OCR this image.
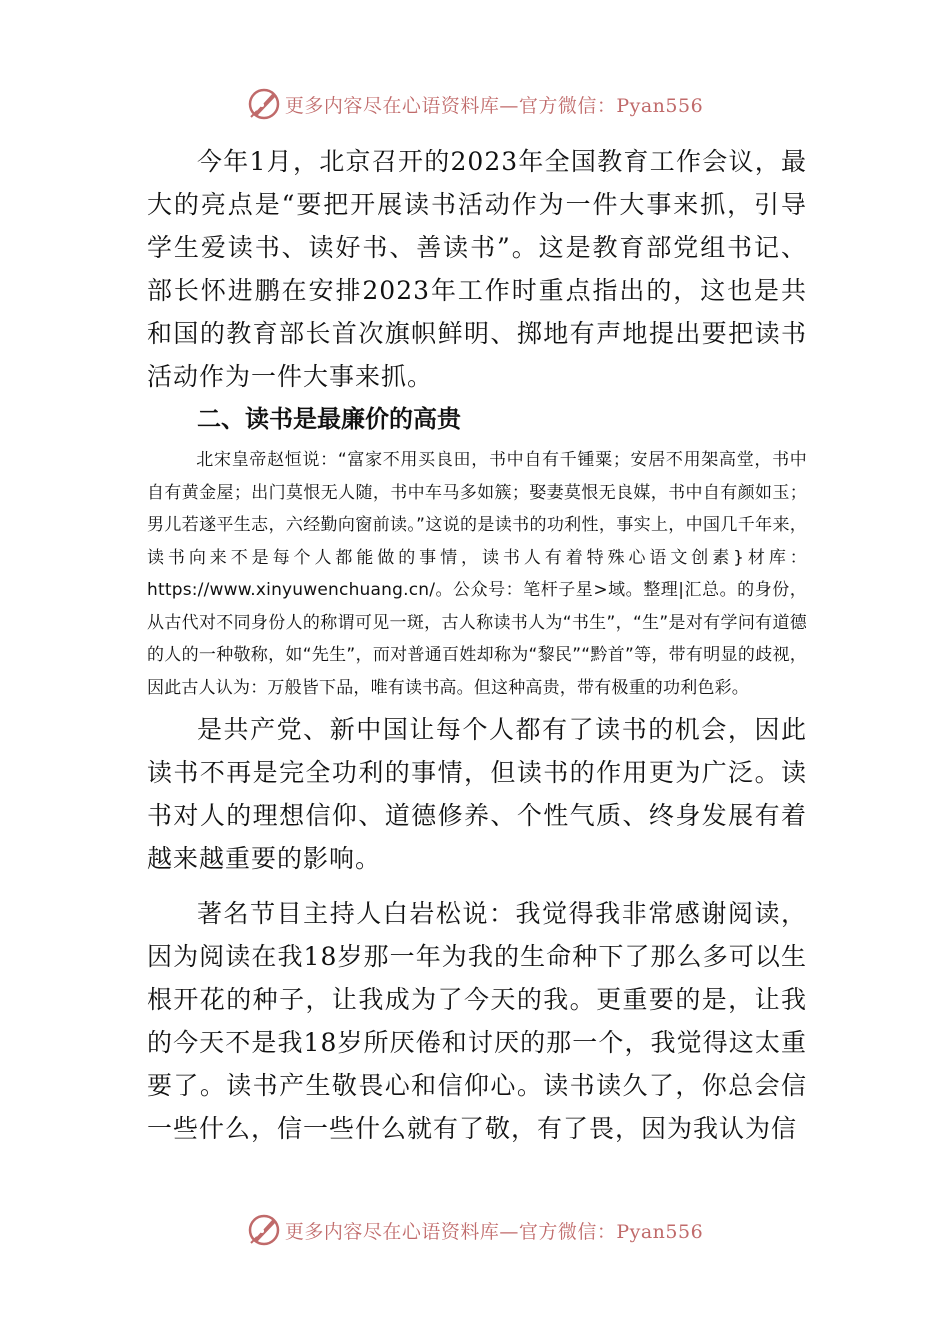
更多内容尽在心语资料库—官方微信：Pyan556

今年1月，北京召开的2023年全国教育工作会议，最大的亮点是“要把开展读书活动作为一件大事来抓，引导学生爱读书、读好书、善读书”。这是教育部党组书记、部长怀进鹏在安排2023年工作时重点指出的，这也是共和国的教育部长首次旗帜鲜明、掷地有声地提出要把读书活动作为一件大事来抓。

二、读书是最廉价的高贵

北宋皇帝赵恒说：“富家不用买良田，书中自有千锺粟；安居不用架高堂，书中自有黄金屋；出门莫恨无人随，书中车马多如簇；娶妻莫恨无良媒，书中自有颜如玉；男儿若遂平生志，六经勤向窗前读。”这说的是读书的功利性，事实上，中国几千年来，读书向来不是每个人都能做的事情，读书人有着特殊心语文创素}材库：https://www.xinyuwenchuang.cn/。公众号：笔杆子星>域。整理|汇总。的身份，从古代对不同身份人的称谓可见一斑，古人称读书人为“书生”，“生”是对有学问有道德的人的一种敬称，如“先生”，而对普通百姓却称为“黎民”“黔首”等，带有明显的歧视，因此古人认为：万般皆下品，唯有读书高。但这种高贵，带有极重的功利色彩。

是共产党、新中国让每个人都有了读书的机会，因此读书不再是完全功利的事情，但读书的作用更为广泛。读书对人的理想信仰、道德修养、个性气质、终身发展有着越来越重要的影响。

著名节目主持人白岩松说：我觉得我非常感谢阅读，因为阅读在我18岁那一年为我的生命种下了那么多可以生根开花的种子，让我成为了今天的我。更重要的是，让我的今天不是我18岁所厌倦和讨厌的那一个，我觉得这太重要了。读书产生敬畏心和信仰心。读书读久了，你总会信一些什么，信一些什么就有了敬，有了畏，因为我认为信

更多内容尽在心语资料库—官方微信：Pyan556
